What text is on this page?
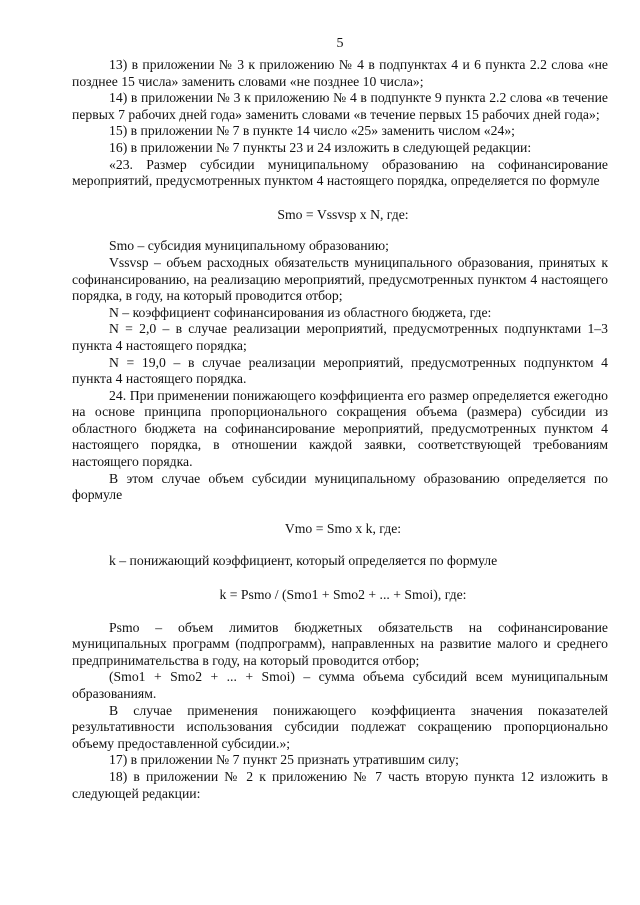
5

13) в приложении № 3 к приложению № 4 в подпунктах 4 и 6 пункта 2.2 слова «не позднее 15 числа» заменить словами «не позднее 10 числа»;

14) в приложении № 3 к приложению № 4 в подпункте 9 пункта 2.2 слова «в течение первых 7 рабочих дней года» заменить словами «в течение первых 15 рабочих дней года»;

15) в приложении № 7 в пункте 14 число «25» заменить числом «24»;

16) в приложении № 7 пункты 23 и 24 изложить в следующей редакции:

«23. Размер субсидии муниципальному образованию на софинансирование мероприятий, предусмотренных пунктом 4 настоящего порядка, определяется по формуле

Smo = Vssvsp x N, где:

Smo – субсидия муниципальному образованию;

Vssvsp – объем расходных обязательств муниципального образования, принятых к софинансированию, на реализацию мероприятий, предусмотренных пунктом 4 настоящего порядка, в году, на который проводится отбор;

N – коэффициент софинансирования из областного бюджета, где:

N = 2,0 – в случае реализации мероприятий, предусмотренных подпунктами 1–3 пункта 4 настоящего порядка;

N = 19,0 – в случае реализации мероприятий, предусмотренных подпунктом 4 пункта 4 настоящего порядка.

24. При применении понижающего коэффициента его размер определяется ежегодно на основе принципа пропорционального сокращения объема (размера) субсидии из областного бюджета на софинансирование мероприятий, предусмотренных пунктом 4 настоящего порядка, в отношении каждой заявки, соответствующей требованиям настоящего порядка.

В этом случае объем субсидии муниципальному образованию определяется по формуле

Vmo = Smo x k, где:

k – понижающий коэффициент, который определяется по формуле

k = Psmo / (Smo1 + Smo2 + ... + Smoi), где:

Psmo – объем лимитов бюджетных обязательств на софинансирование муниципальных программ (подпрограмм), направленных на развитие малого и среднего предпринимательства в году, на который проводится отбор;

(Smo1 + Smo2 + ... + Smoi) – сумма объема субсидий всем муниципальным образованиям.

В случае применения понижающего коэффициента значения показателей результативности использования субсидии подлежат сокращению пропорционально объему предоставленной субсидии.»;

17) в приложении № 7 пункт 25 признать утратившим силу;

18) в приложении № 2 к приложению № 7 часть вторую пункта 12 изложить в следующей редакции:
